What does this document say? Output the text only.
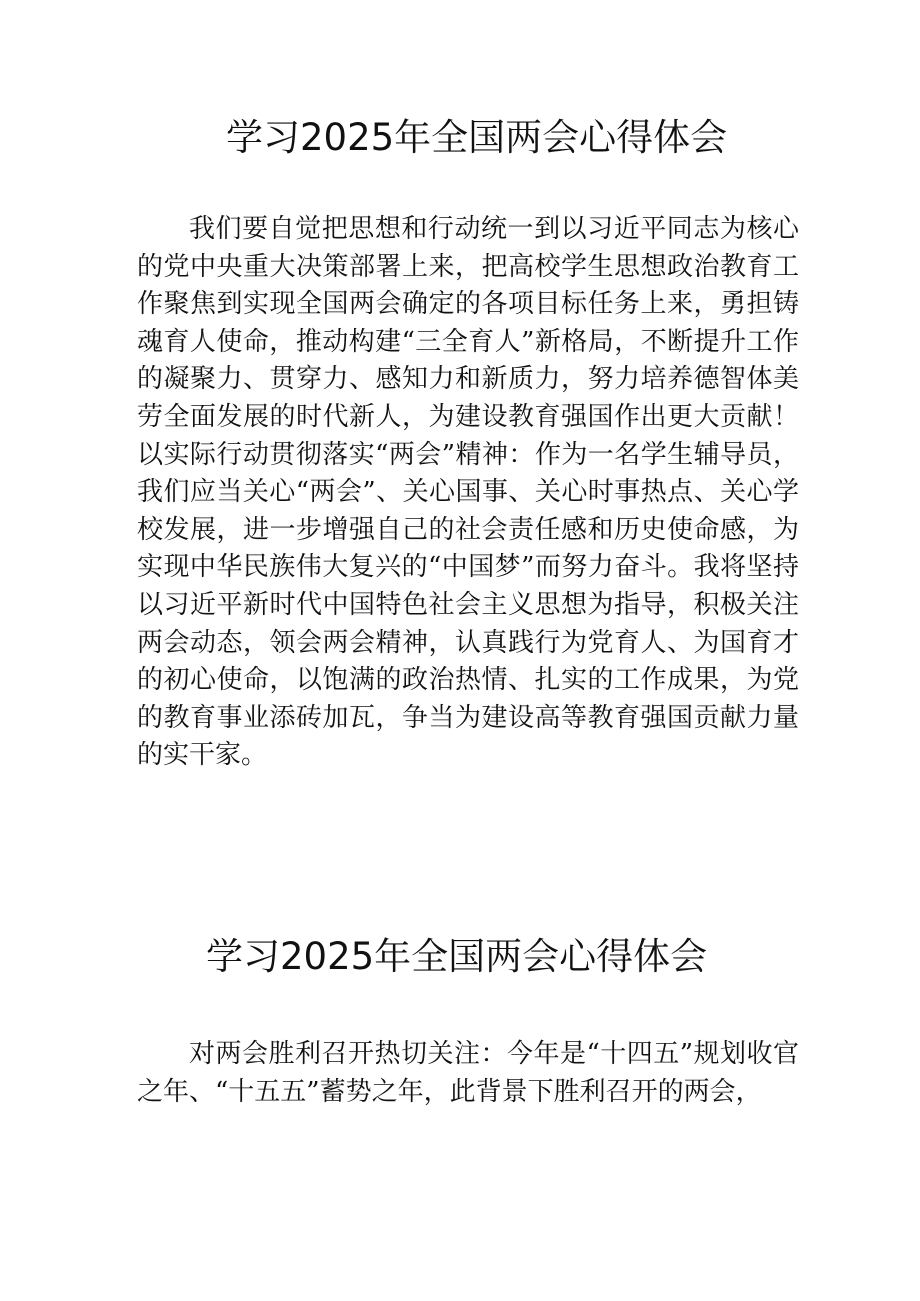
学习2025年全国两会心得体会

我们要自觉把思想和行动统一到以习近平同志为核心的党中央重大决策部署上来，把高校学生思想政治教育工作聚焦到实现全国两会确定的各项目标任务上来，勇担铸魂育人使命，推动构建“三全育人”新格局，不断提升工作的凝聚力、贯穿力、感知力和新质力，努力培养德智体美劳全面发展的时代新人，为建设教育强国作出更大贡献！以实际行动贯彻落实“两会”精神：作为一名学生辅导员，我们应当关心“两会”、关心国事、关心时事热点、关心学校发展，进一步增强自己的社会责任感和历史使命感，为实现中华民族伟大复兴的“中国梦”而努力奋斗。我将坚持以习近平新时代中国特色社会主义思想为指导，积极关注两会动态，领会两会精神，认真践行为党育人、为国育才的初心使命，以饱满的政治热情、扎实的工作成果，为党的教育事业添砖加瓦，争当为建设高等教育强国贡献力量的实干家。

学习2025年全国两会心得体会

对两会胜利召开热切关注：今年是“十四五”规划收官之年、“十五五”蓄势之年，此背景下胜利召开的两会，
